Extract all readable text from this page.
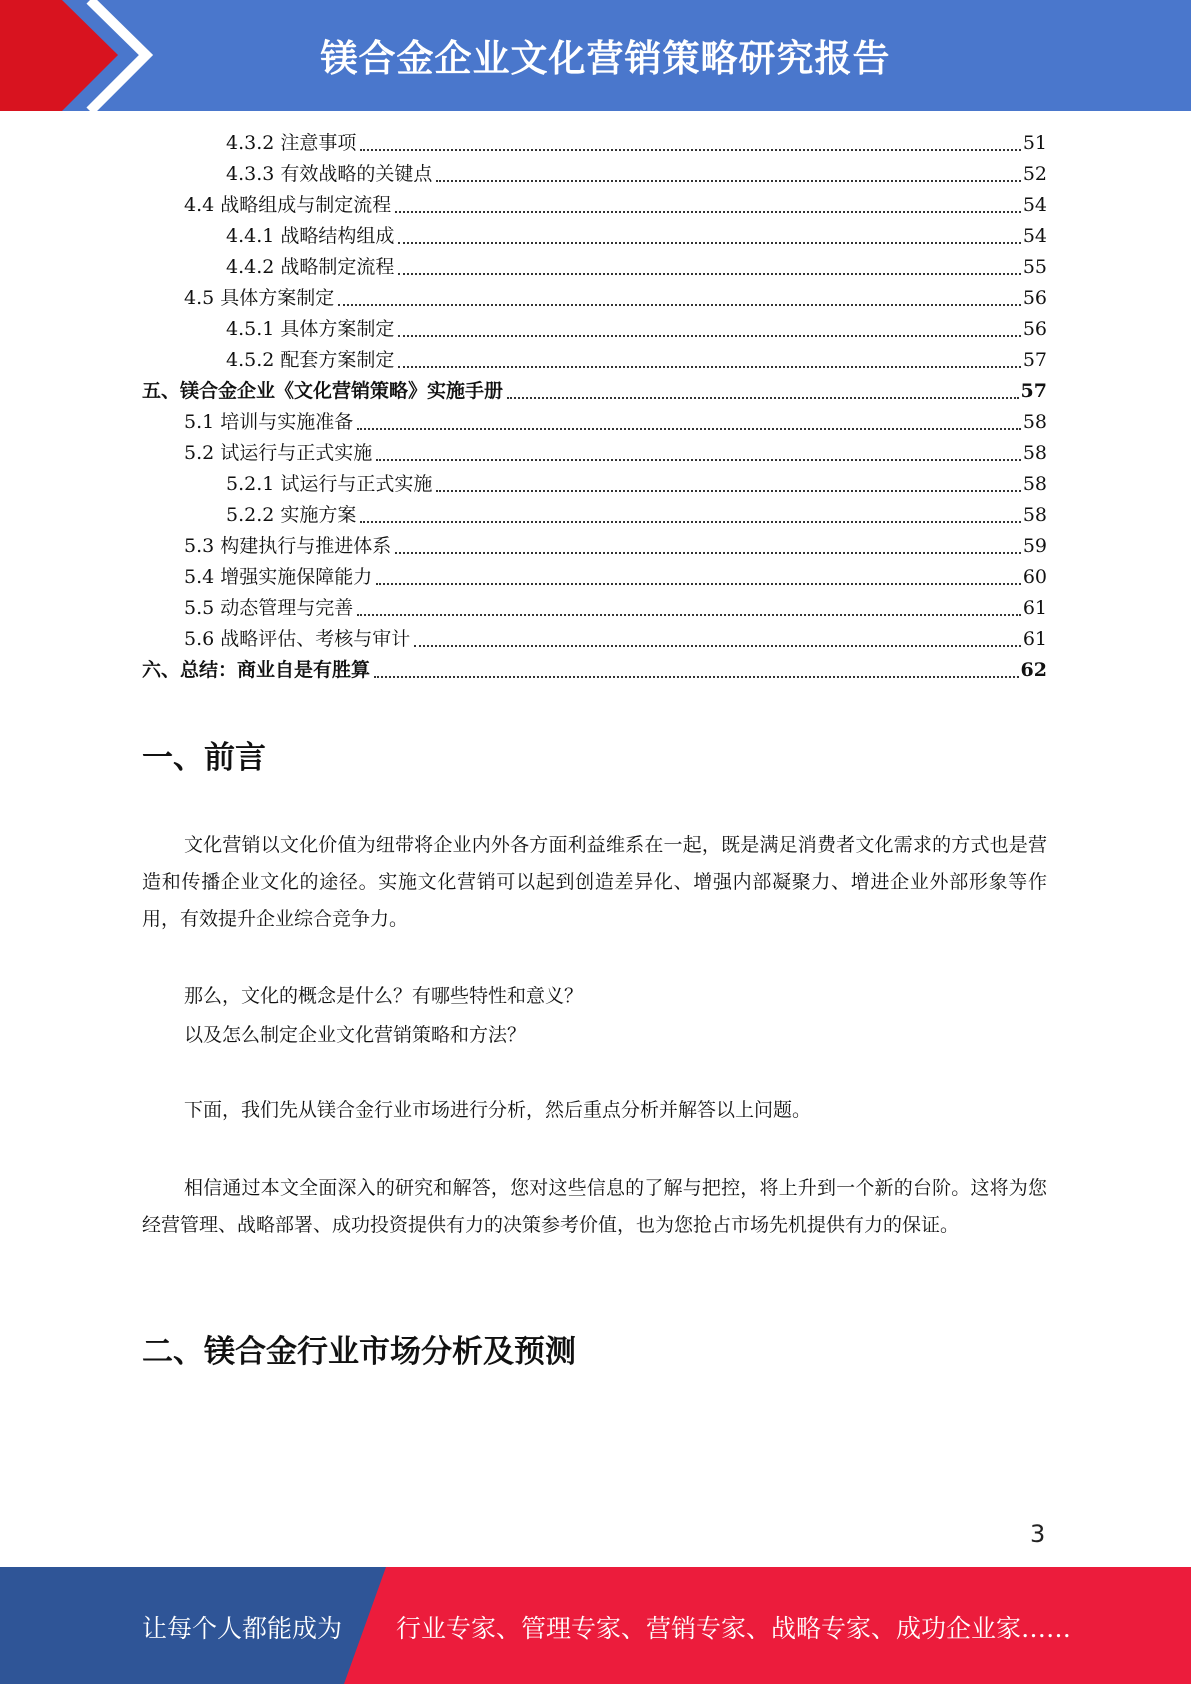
镁合金企业文化营销策略研究报告
4.3.2 注意事项	51
4.3.3 有效战略的关键点	52
4.4 战略组成与制定流程	54
4.4.1 战略结构组成	54
4.4.2 战略制定流程	55
4.5 具体方案制定	56
4.5.1 具体方案制定	56
4.5.2 配套方案制定	57
五、镁合金企业《文化营销策略》实施手册	57
5.1 培训与实施准备	58
5.2 试运行与正式实施	58
5.2.1 试运行与正式实施	58
5.2.2 实施方案	58
5.3 构建执行与推进体系	59
5.4 增强实施保障能力	60
5.5 动态管理与完善	61
5.6 战略评估、考核与审计	61
六、总结：商业自是有胜算	62
一、前言
文化营销以文化价值为纽带将企业内外各方面利益维系在一起，既是满足消费者文化需求的方式也是营造和传播企业文化的途径。实施文化营销可以起到创造差异化、增强内部凝聚力、增进企业外部形象等作用，有效提升企业综合竞争力。
那么，文化的概念是什么？有哪些特性和意义？
以及怎么制定企业文化营销策略和方法？
下面，我们先从镁合金行业市场进行分析，然后重点分析并解答以上问题。
相信通过本文全面深入的研究和解答，您对这些信息的了解与把控，将上升到一个新的台阶。这将为您经营管理、战略部署、成功投资提供有力的决策参考价值，也为您抢占市场先机提供有力的保证。
二、镁合金行业市场分析及预测
3
让每个人都能成为 行业专家、管理专家、营销专家、战略专家、成功企业家……
